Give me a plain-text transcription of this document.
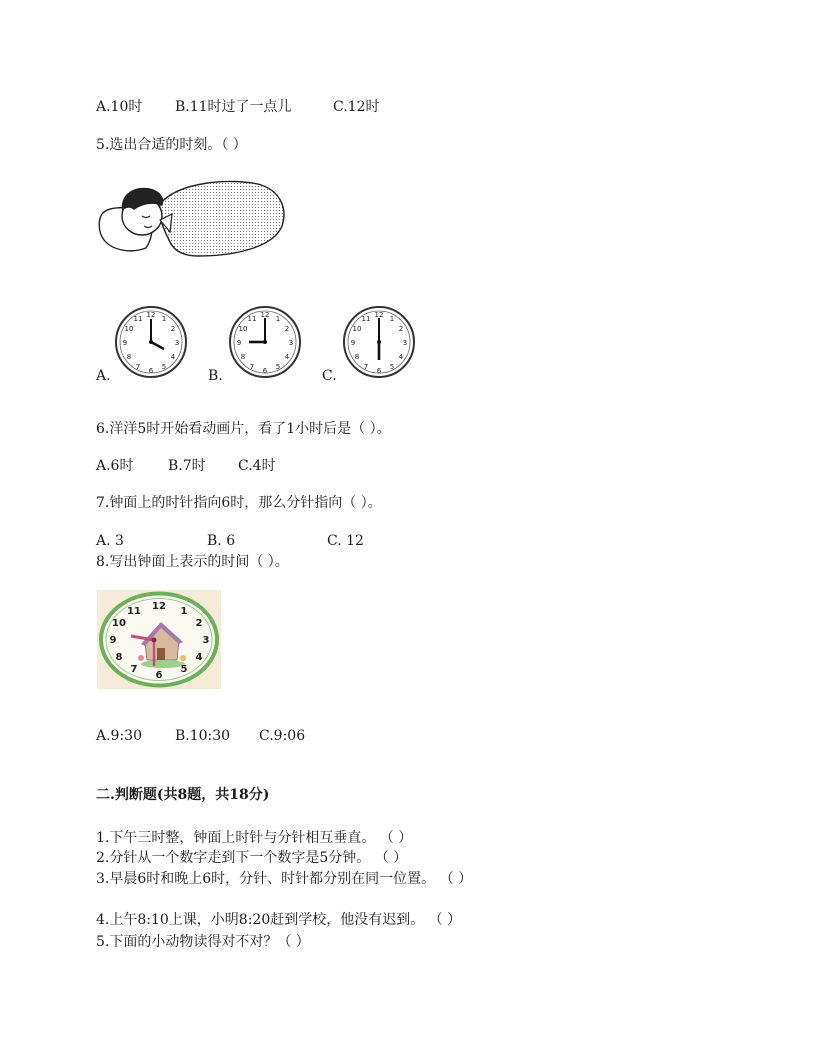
A.10时 B.11时过了一点儿	C.12时
5.选出合适的时刻。（ ）
12 1
2
3
4
5
6
7
8
9
10
11
A.
12 1
2
3
4
5
6
7
8
9
10
11
B.
12 1
2
3
4
5
6
7
8
9
10
11
C.
6.洋洋5时开始看动画片，看了1小时后是（ ）。
A.6时 B.7时 C.4时
7.钟面上的时针指向6时，那么分针指向（ ）。
A. 3	B. 6	C. 12
8.写出钟面上表示的时间（ ）。
12 1
2
3
4
5
6
7
8
9
10
11
A.9:30 B.10:30 C.9:06
二.判断题(共8题，共18分)
1.下午三时整，钟面上时针与分针相互垂直。 （ ）
2.分针从一个数字走到下一个数字是5分钟。 （ ）
3.早晨6时和晚上6时，分针、时针都分别在同一位置。 （ ）
4.上午8:10上课，小明8:20赶到学校，他没有迟到。 （ ）
5.下面的小动物读得对不对？（ ）
